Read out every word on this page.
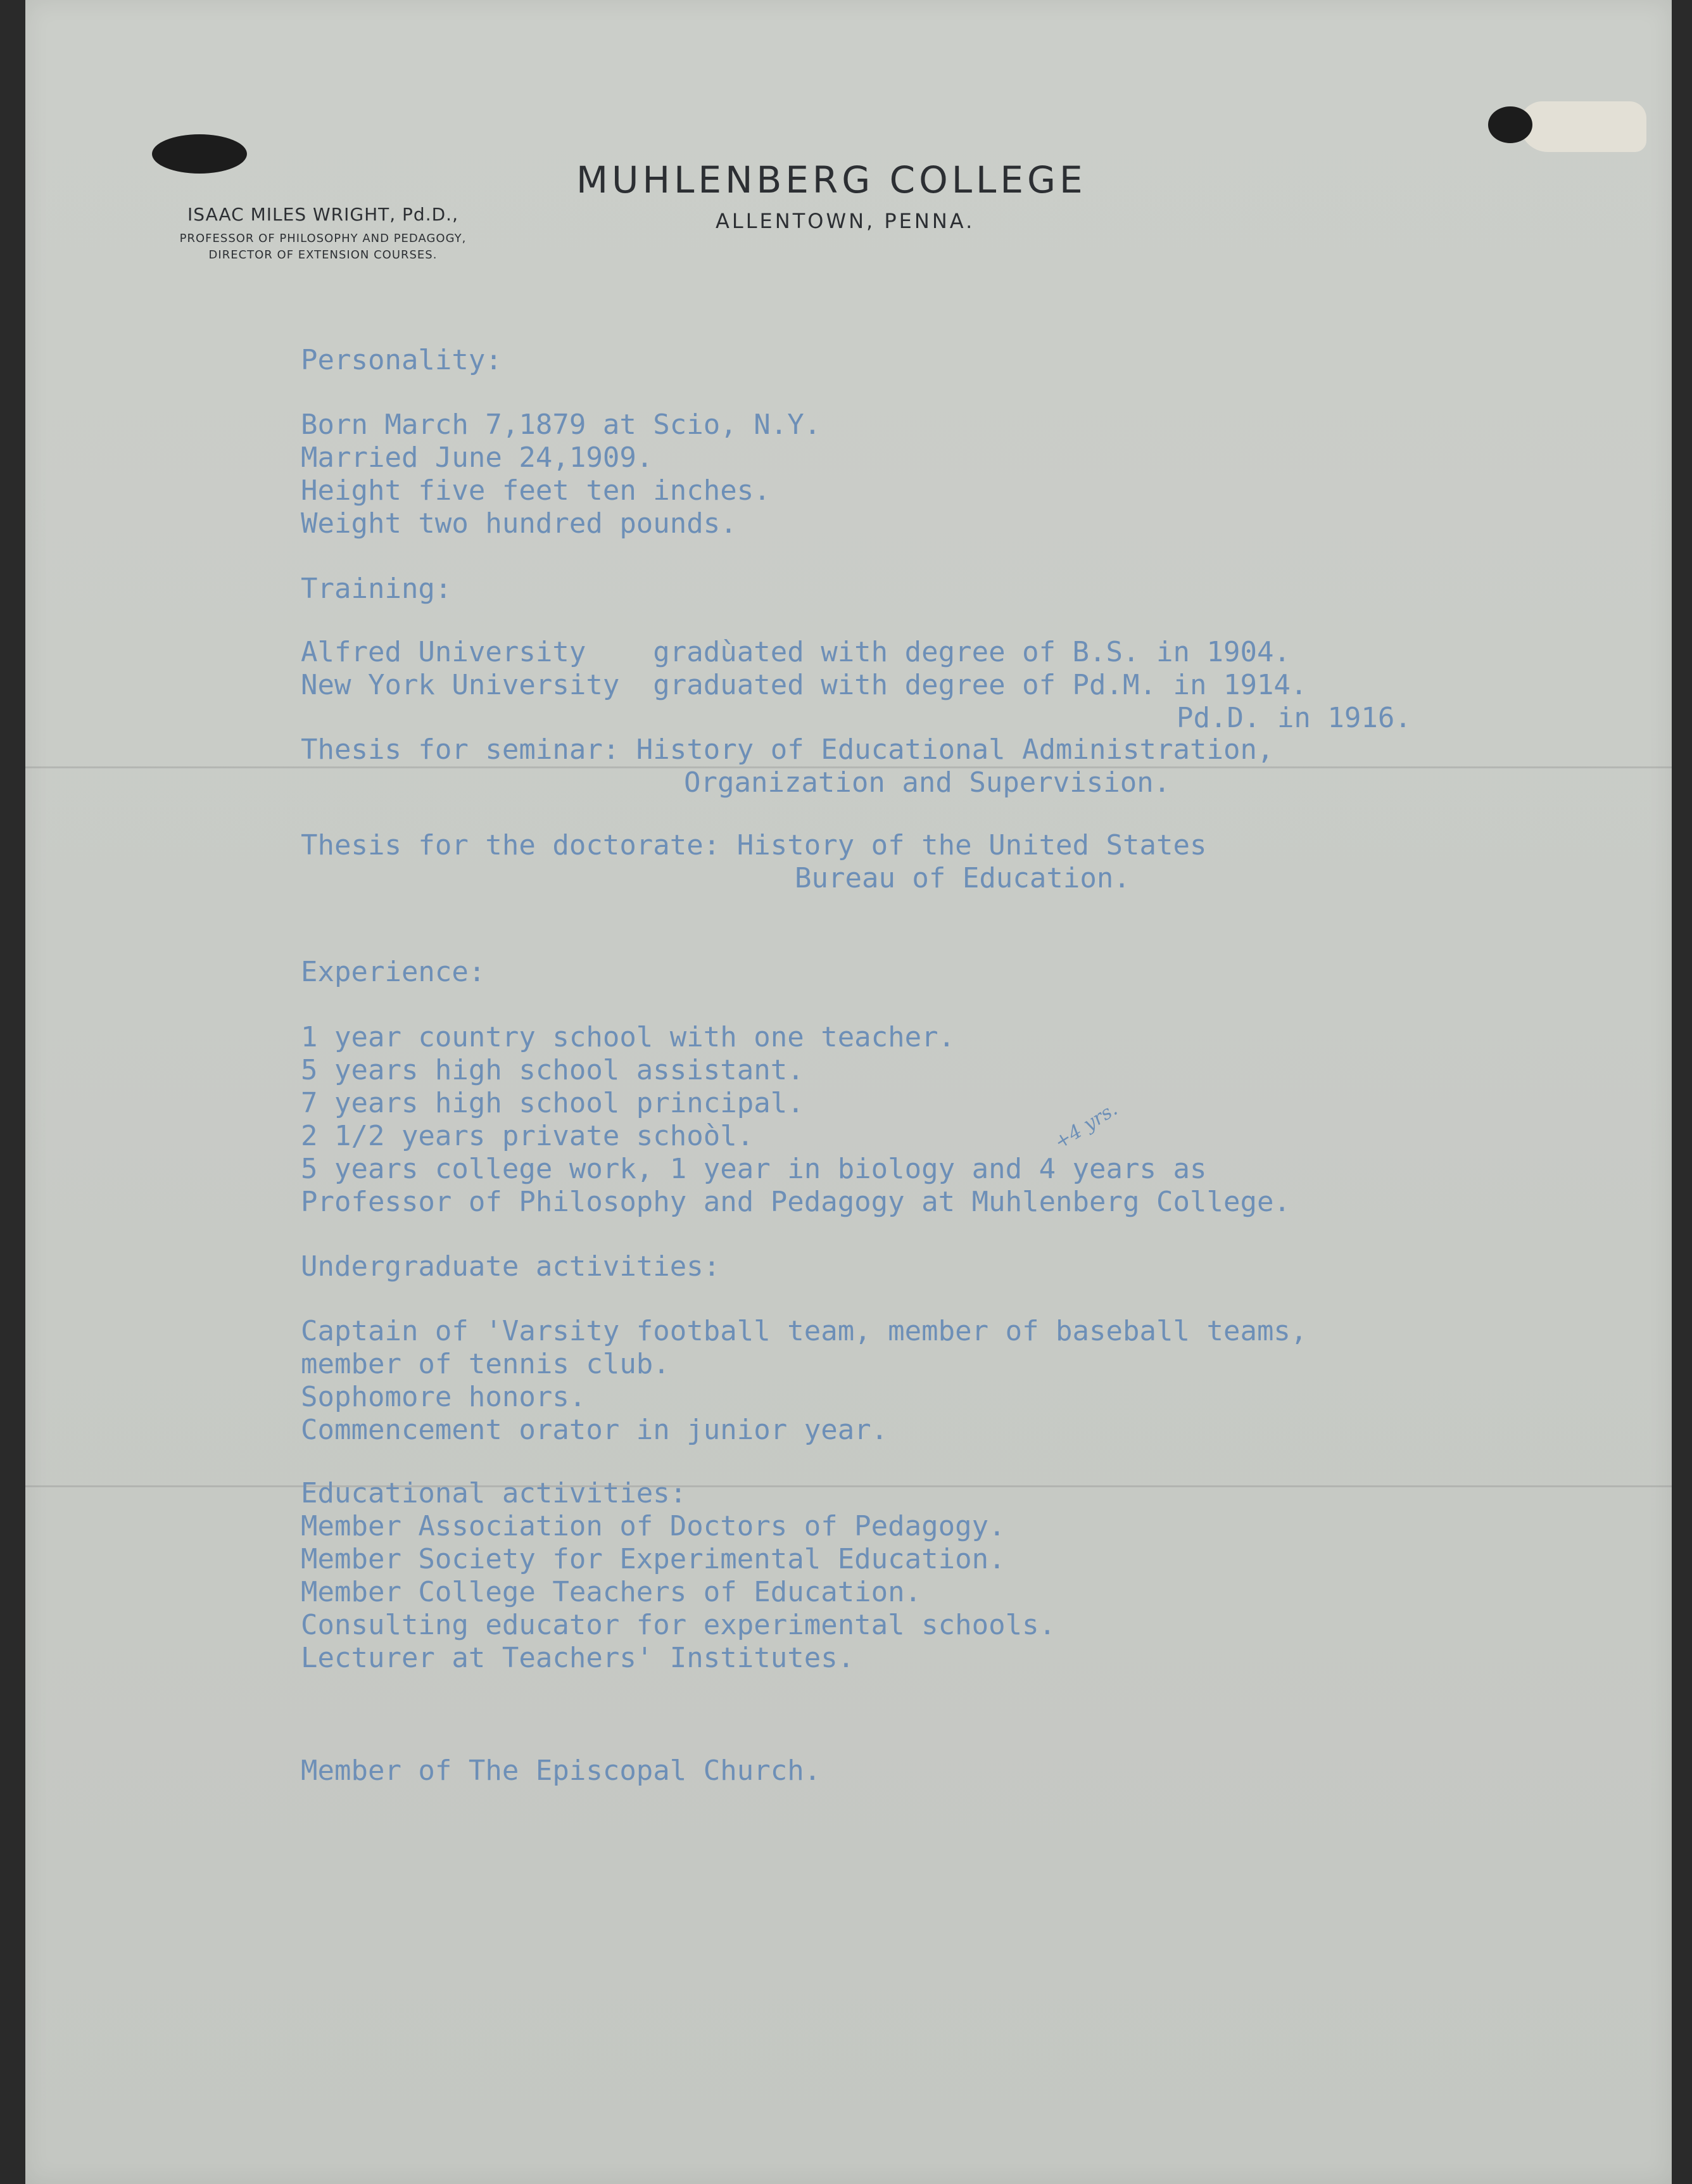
MUHLENBERG COLLEGE
ALLENTOWN, PENNA.
ISAAC MILES WRIGHT, Pd.D.,
PROFESSOR OF PHILOSOPHY AND PEDAGOGY,
DIRECTOR OF EXTENSION COURSES.
Personality:
Born March 7,1879 at Scio, N.Y.
Married June 24,1909.
Height five feet ten inches.
Weight two hundred pounds.
Training:
Alfred University    gradùated with degree of B.S. in 1904.
New York University  graduated with degree of Pd.M. in 1914.
Pd.D. in 1916.
Thesis for seminar: History of Educational Administration,
Organization and Supervision.
Thesis for the doctorate: History of the United States
Bureau of Education.
Experience:
1 year country school with one teacher.
5 years high school assistant.
7 years high school principal.
2 1/2 years private schoòl.
5 years college work, 1 year in biology and 4 years as
Professor of Philosophy and Pedagogy at Muhlenberg College.
+4 yrs.
Undergraduate activities:
Captain of 'Varsity football team, member of baseball teams,
member of tennis club.
Sophomore honors.
Commencement orator in junior year.
Educational activities:
Member Association of Doctors of Pedagogy.
Member Society for Experimental Education.
Member College Teachers of Education.
Consulting educator for experimental schools.
Lecturer at Teachers' Institutes.
Member of The Episcopal Church.
